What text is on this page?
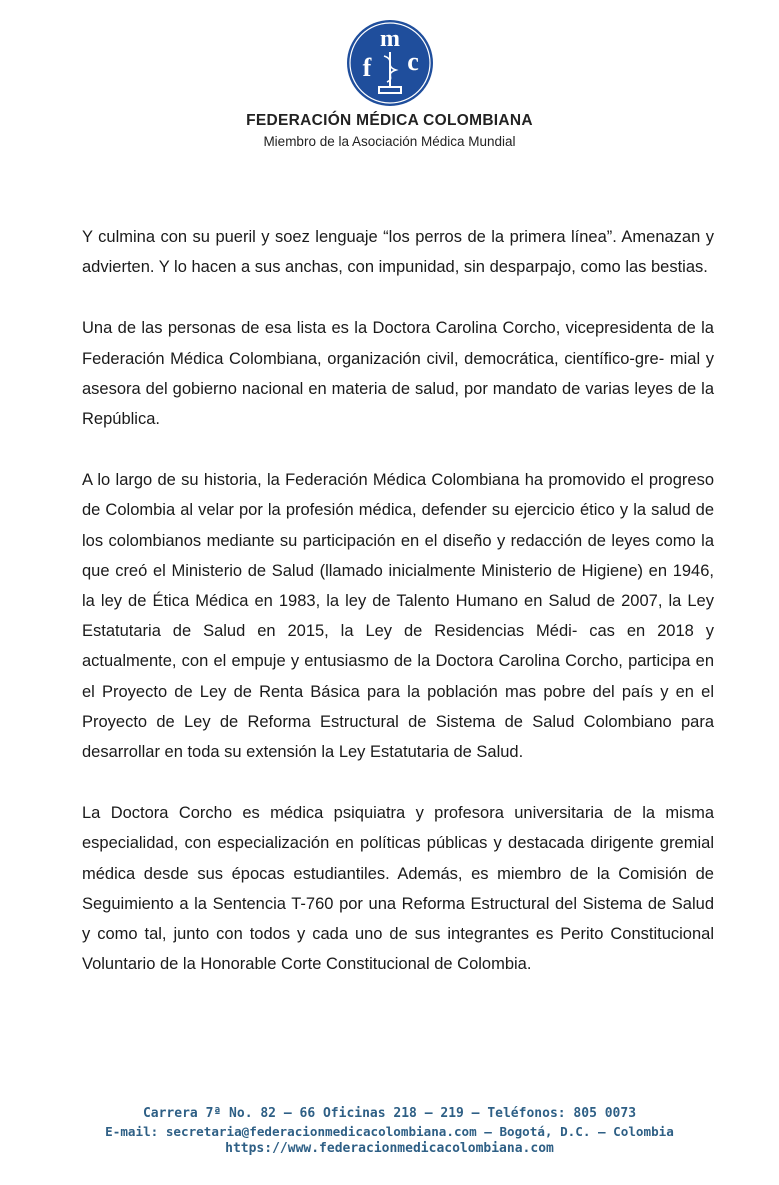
m
f c
FEDERACIÓN MÉDICA COLOMBIANA
Miembro de la Asociación Médica Mundial

Y culmina con su pueril y soez lenguaje “los perros de la primera línea”. Amenazan y advierten. Y lo hacen a sus anchas, con impunidad, sin desparpajo, como las bestias.

Una de las personas de esa lista es la Doctora Carolina Corcho, vicepresidenta de la Federación Médica Colombiana, organización civil, democrática, científico-gre- mial y asesora del gobierno nacional en materia de salud, por mandato de varias leyes de la República.

A lo largo de su historia, la Federación Médica Colombiana ha promovido el progreso de Colombia al velar por la profesión médica, defender su ejercicio ético y la salud de los colombianos mediante su participación en el diseño y redacción de leyes como la que creó el Ministerio de Salud (llamado inicialmente Ministerio de Higiene) en 1946, la ley de Ética Médica en 1983, la ley de Talento Humano en Salud de 2007, la Ley Estatutaria de Salud en 2015, la Ley de Residencias Médi- cas en 2018 y actualmente, con el empuje y entusiasmo de la Doctora Carolina Corcho, participa en el Proyecto de Ley de Renta Básica para la población mas pobre del país y en el Proyecto de Ley de Reforma Estructural de Sistema de Salud Colombiano para desarrollar en toda su extensión la Ley Estatutaria de Salud.

La Doctora Corcho es médica psiquiatra y profesora universitaria de la misma especialidad, con especialización en políticas públicas y destacada dirigente gremial médica desde sus épocas estudiantiles. Además, es miembro de la Comisión de Seguimiento a la Sentencia T-760 por una Reforma Estructural del Sistema de Salud y como tal, junto con todos y cada uno de sus integrantes es Perito Constitucional Voluntario de la Honorable Corte Constitucional de Colombia.

Carrera 7ª No. 82 – 66 Oficinas 218 – 219 – Teléfonos: 805 0073
E-mail: secretaria@federacionmedicacolombiana.com – Bogotá, D.C. – Colombia
https://www.federacionmedicacolombiana.com
